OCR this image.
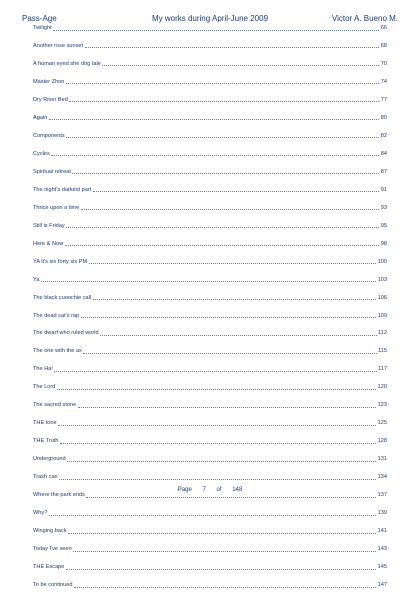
Pass-Age	My works during April-June 2009	Victor A. Bueno M.
Twilight	66
Another rose sunset	68
A human eyed she dog tale	70
Master Zhon	74
Dry River Bed	77
Again	80
Components	82
Cycles	84
Spiritual retreat	87
The night's darkest part	91
Thrice upon a time	93
Still is Friday	95
Here & Now	98
YA it's six forty six PM	100
Ya	103
The black cuoochie call	106
The dead cat's rap	109
The dwarf who ruled world	112
The one with the ax	115
The Ha!	117
The Lord	120
The sacred stone	123
THE tone	125
THE Truth	128
Underground	131
Trash can	134
Where the park ends	137
Why?	139
Winging back	141
Today I've seen	143
THE Escape	145
To be continued	147
Page 7 of 148
